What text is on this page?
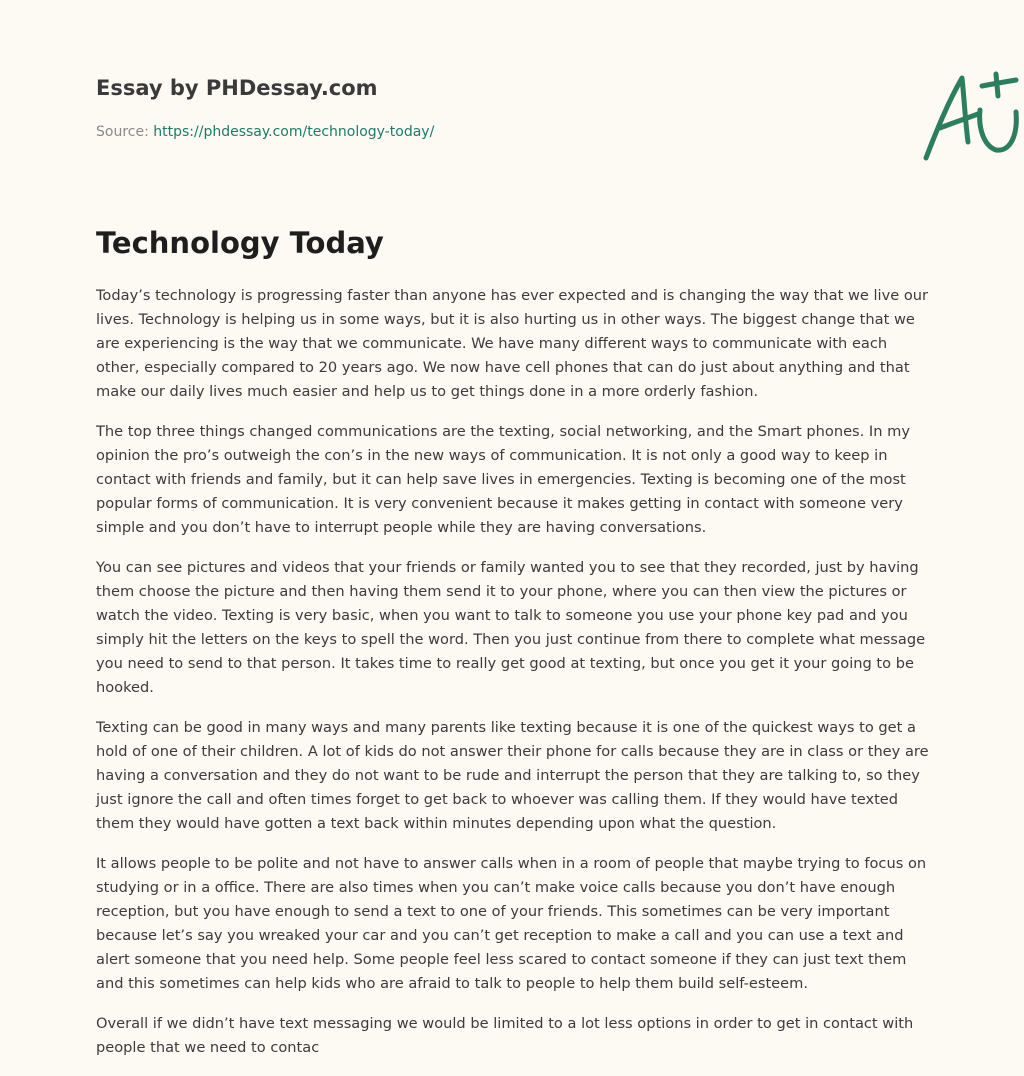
Essay by PHDessay.com
Source: https://phdessay.com/technology-today/
Technology Today

Today’s technology is progressing faster than anyone has ever expected and is changing the way that we live our lives. Technology is helping us in some ways, but it is also hurting us in other ways. The biggest change that we are experiencing is the way that we communicate. We have many different ways to communicate with each other, especially compared to 20 years ago. We now have cell phones that can do just about anything and that make our daily lives much easier and help us to get things done in a more orderly fashion.

The top three things changed communications are the texting, social networking, and the Smart phones. In my opinion the pro’s outweigh the con’s in the new ways of communication. It is not only a good way to keep in contact with friends and family, but it can help save lives in emergencies. Texting is becoming one of the most popular forms of communication. It is very convenient because it makes getting in contact with someone very simple and you don’t have to interrupt people while they are having conversations.

You can see pictures and videos that your friends or family wanted you to see that they recorded, just by having them choose the picture and then having them send it to your phone, where you can then view the pictures or watch the video. Texting is very basic, when you want to talk to someone you use your phone key pad and you simply hit the letters on the keys to spell the word. Then you just continue from there to complete what message you need to send to that person. It takes time to really get good at texting, but once you get it your going to be hooked.

Texting can be good in many ways and many parents like texting because it is one of the quickest ways to get a hold of one of their children. A lot of kids do not answer their phone for calls because they are in class or they are having a conversation and they do not want to be rude and interrupt the person that they are talking to, so they just ignore the call and often times forget to get back to whoever was calling them. If they would have texted them they would have gotten a text back within minutes depending upon what the question.

It allows people to be polite and not have to answer calls when in a room of people that maybe trying to focus on studying or in a office. There are also times when you can’t make voice calls because you don’t have enough reception, but you have enough to send a text to one of your friends. This sometimes can be very important because let’s say you wreaked your car and you can’t get reception to make a call and you can use a text and alert someone that you need help. Some people feel less scared to contact someone if they can just text them and this sometimes can help kids who are afraid to talk to people to help them build self-esteem.

Overall if we didn’t have text messaging we would be limited to a lot less options in order to get in contact with people that we need to contac
